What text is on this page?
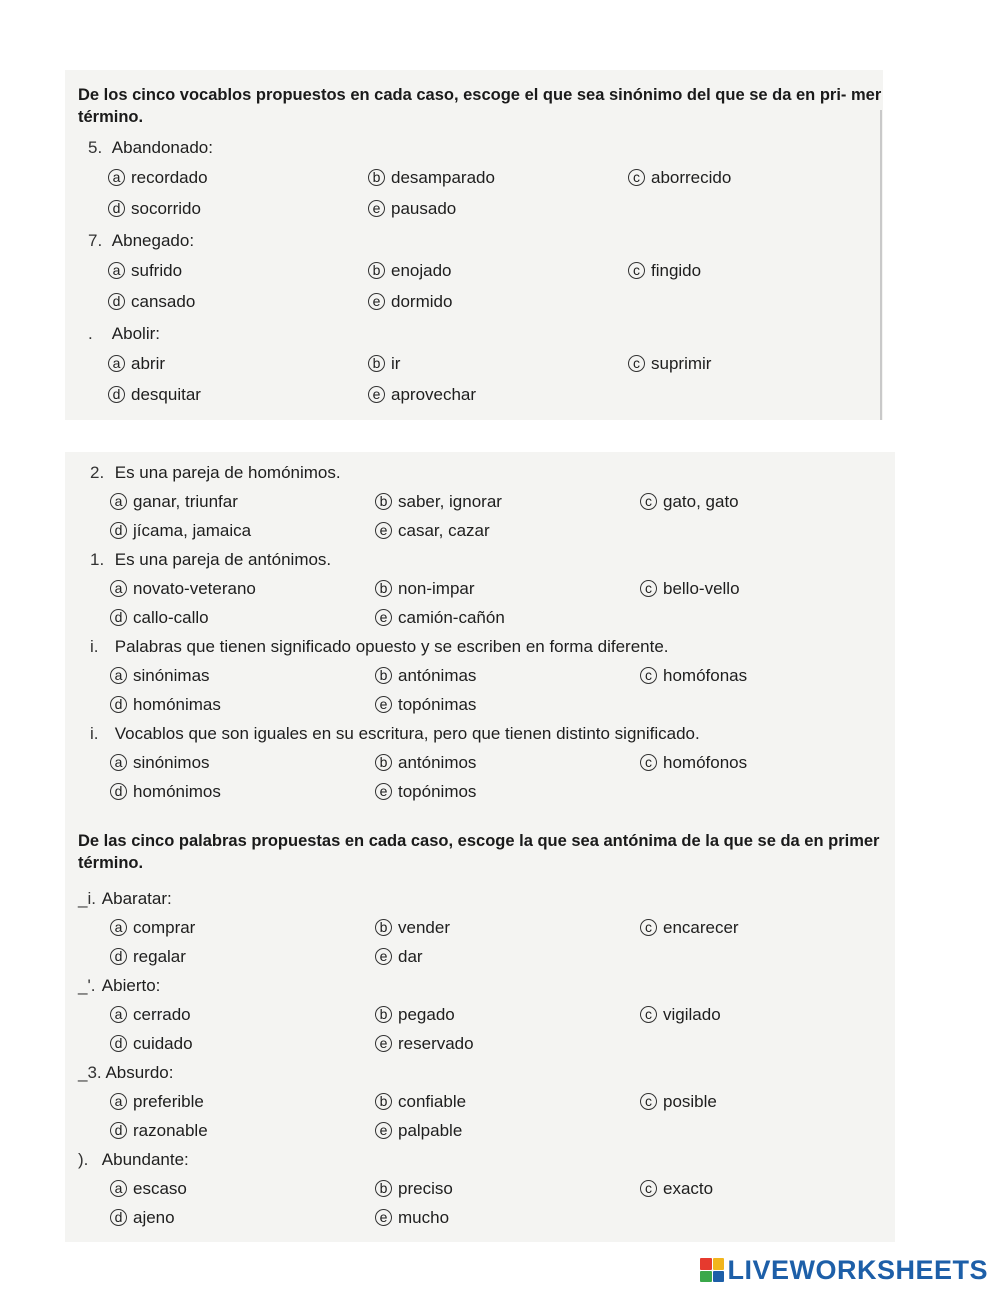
De los cinco vocablos propuestos en cada caso, escoge el que sea sinónimo del que se da en pri- mer término.
5. Abandonado:
a recordado	b desamparado	c aborrecido
d socorrido	e pausado
7. Abnegado:
a sufrido	b enojado	c fingido
d cansado	e dormido
. Abolir:
a abrir	b ir	c suprimir
d desquitar	e aprovechar
2. Es una pareja de homónimos.
a ganar, triunfar	b saber, ignorar	c gato, gato
d jícama, jamaica	e casar, cazar
1. Es una pareja de antónimos.
a novato-veterano	b non-impar	c bello-vello
d callo-callo	e camión-cañón
i. Palabras que tienen significado opuesto y se escriben en forma diferente.
a sinónimas	b antónimas	c homófonas
d homónimas	e topónimas
i. Vocablos que son iguales en su escritura, pero que tienen distinto significado.
a sinónimos	b antónimos	c homófonos
d homónimos	e topónimos
De las cinco palabras propuestas en cada caso, escoge la que sea antónima de la que se da en primer término.
_i. Abaratar:
a comprar	b vender	c encarecer
d regalar	e dar
_'. Abierto:
a cerrado	b pegado	c vigilado
d cuidado	e reservado
_3. Absurdo:
a preferible	b confiable	c posible
d razonable	e palpable
). Abundante:
a escaso	b preciso	c exacto
d ajeno	e mucho
LIVEWORKSHEETS
